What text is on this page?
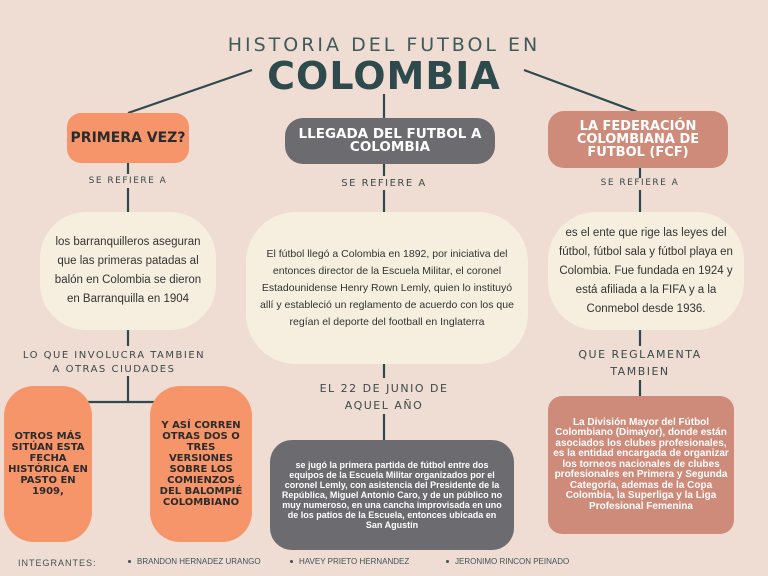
HISTORIA DEL FUTBOL EN
COLOMBIA
PRIMERA VEZ?
SE REFIERE A
los barranquilleros aseguran que las primeras patadas al balón en Colombia se dieron en Barranquilla en 1904
LO QUE INVOLUCRA TAMBIEN A OTRAS CIUDADES
OTROS MÁS SITÚAN ESTA FECHA HISTÓRICA EN PASTO EN 1909,
Y ASÍ CORREN OTRAS DOS O TRES VERSIONES SOBRE LOS COMIENZOS DEL BALOMPIÉ COLOMBIANO
LLEGADA DEL FUTBOL A COLOMBIA
SE REFIERE A
El fútbol llegó a Colombia en 1892, por iniciativa del entonces director de la Escuela Militar, el coronel Estadounidense Henry Rown Lemly, quien lo instituyó allí y estableció un reglamento de acuerdo con los que regían el deporte del football en Inglaterra
EL 22 DE JUNIO DE AQUEL AÑO
se jugó la primera partida de fútbol entre dos equipos de la Escuela Militar organizados por el coronel Lemly, con asistencia del Presidente de la República, Miguel Antonio Caro, y de un público no muy numeroso, en una cancha improvisada en uno de los patios de la Escuela, entonces ubicada en San Agustín
LA FEDERACIÓN COLOMBIANA DE FUTBOL (FCF)
SE REFIERE A
es el ente que rige las leyes del fútbol, fútbol sala y fútbol playa en Colombia. Fue fundada en 1924 y está afiliada a la FIFA y a la Conmebol desde 1936.
QUE REGLAMENTA TAMBIEN
La División Mayor del Fútbol Colombiano (Dimayor), donde están asociados los clubes profesionales, es la entidad encargada de organizar los torneos nacionales de clubes profesionales en Primera y Segunda Categoría, ademas de la Copa Colombia, la Superliga y la Liga Profesional Femenina
INTEGRANTES:	BRANDON HERNADEZ URANGO	HAVEY PRIETO HERNANDEZ	JERONIMO RINCON PEINADO
